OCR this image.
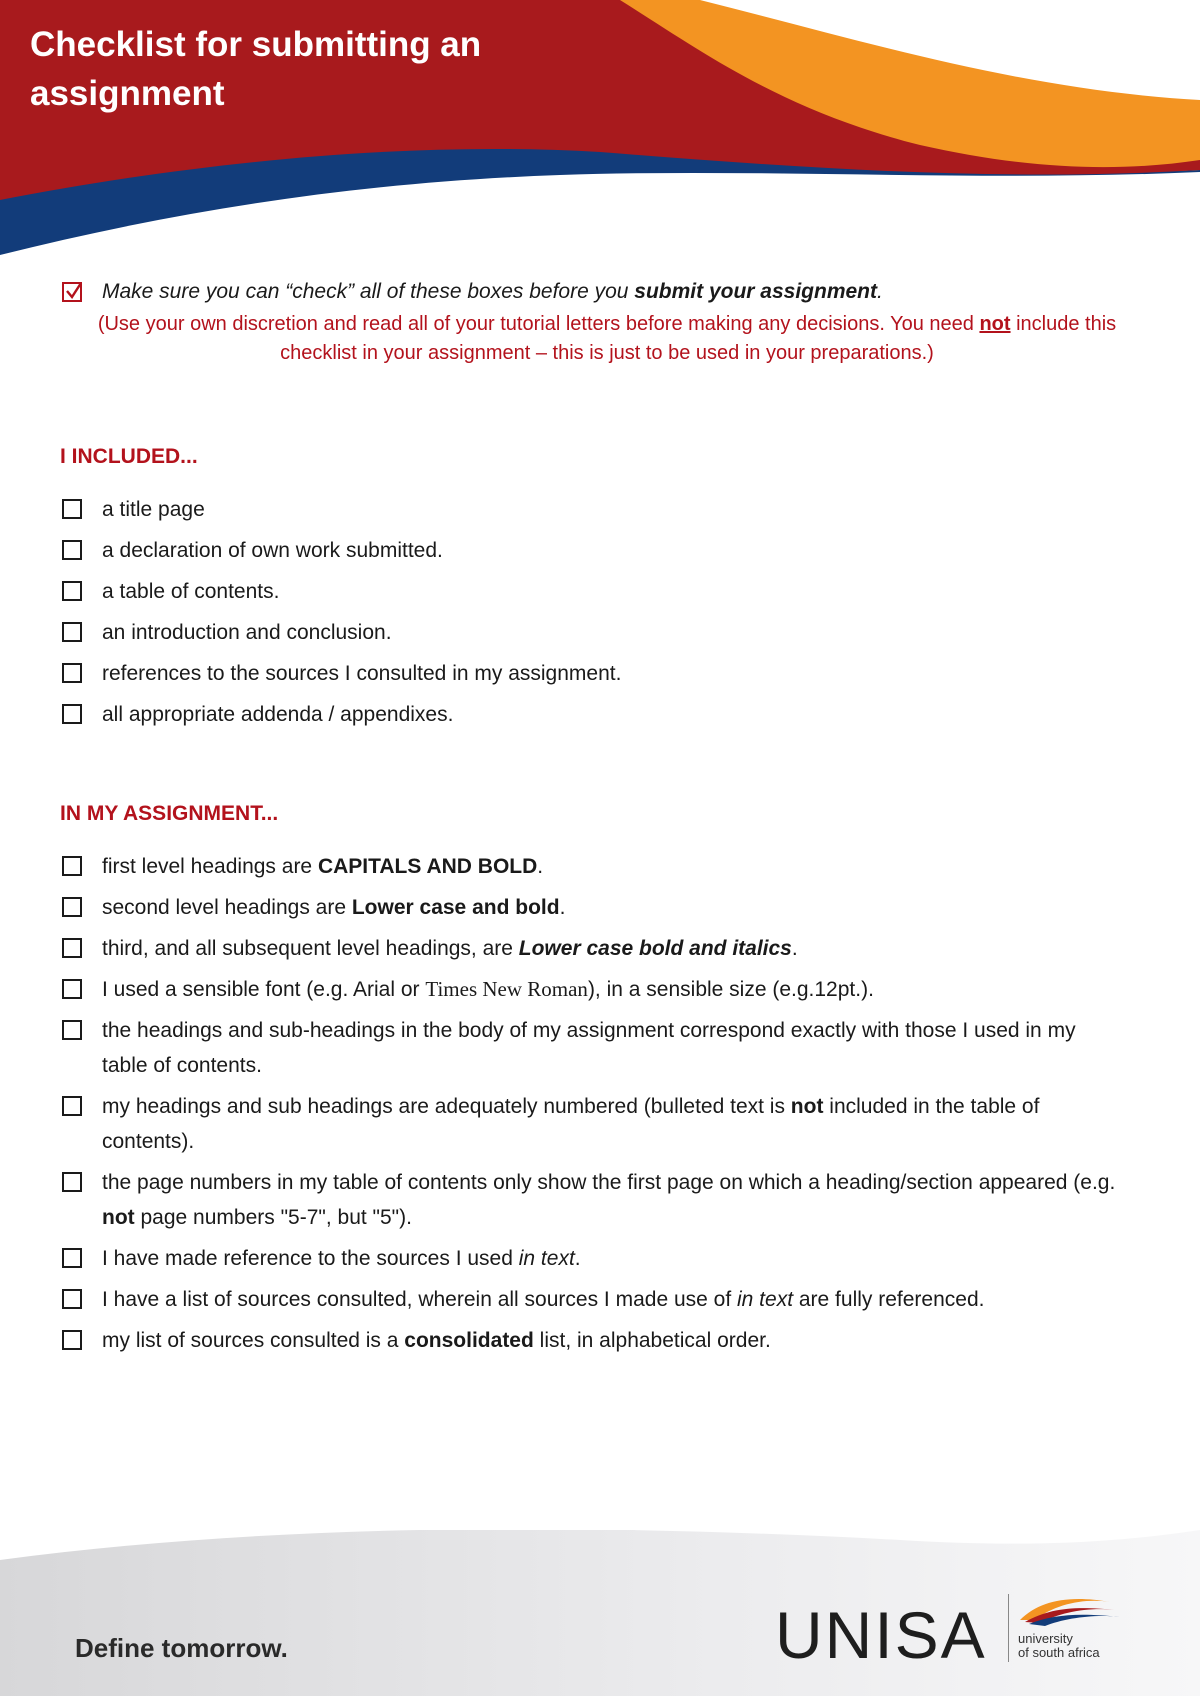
Checklist for submitting an assignment
Make sure you can “check” all of these boxes before you submit your assignment.
(Use your own discretion and read all of your tutorial letters before making any decisions. You need not include this checklist in your assignment – this is just to be used in your preparations.)
I INCLUDED...
a title page
a declaration of own work submitted.
a table of contents.
an introduction and conclusion.
references to the sources I consulted in my assignment.
all appropriate addenda / appendixes.
IN MY ASSIGNMENT...
first level headings are CAPITALS AND BOLD.
second level headings are Lower case and bold.
third, and all subsequent level headings, are Lower case bold and italics.
I used a sensible font (e.g. Arial or Times New Roman), in a sensible size (e.g.12pt.).
the headings and sub-headings in the body of my assignment correspond exactly with those I used in my table of contents.
my headings and sub headings are adequately numbered (bulleted text is not included in the table of contents).
the page numbers in my table of contents only show the first page on which a heading/section appeared (e.g. not page numbers "5-7", but "5").
I have made reference to the sources I used in text.
I have a list of sources consulted, wherein all sources I made use of in text are fully referenced.
my list of sources consulted is a consolidated list, in alphabetical order.
Define tomorrow.	UNISA university
of south africa
